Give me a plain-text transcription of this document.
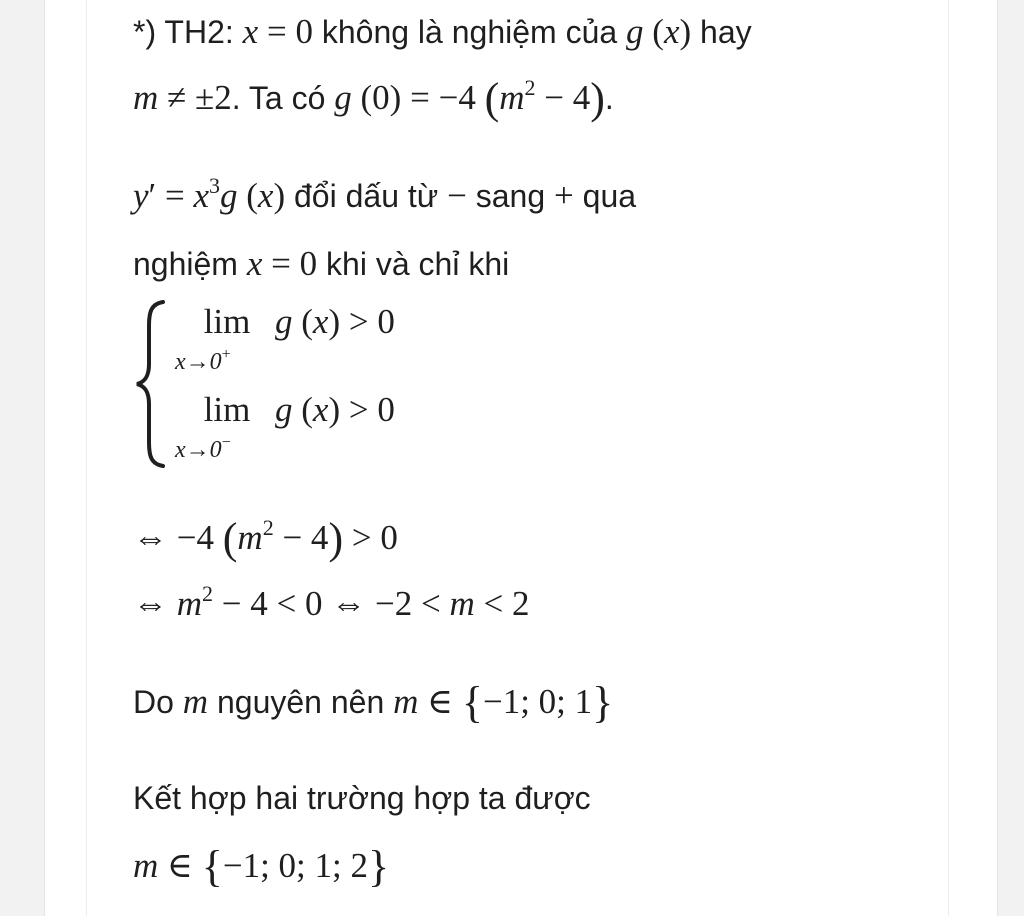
*) TH2: x = 0 không là nghiệm của g (x) hay
m ≠ ±2. Ta có g (0) = −4 $(m^2 - 4)$.
$y' = x^3g$ (x) đổi dấu từ − sang + qua
nghiệm x = 0 khi và chỉ khi
lim
x→0+
g (x) > 0
lim
x→0−
g (x) > 0
⇔ −4 $(m^2 - 4) > 0$
⇔ $m^2 - 4 < 0$ ⇔ −2 < m < 2
Do m nguyên nên m ∈ {−1; 0; 1}
Kết hợp hai trường hợp ta được
m ∈ {−1; 0; 1; 2}
